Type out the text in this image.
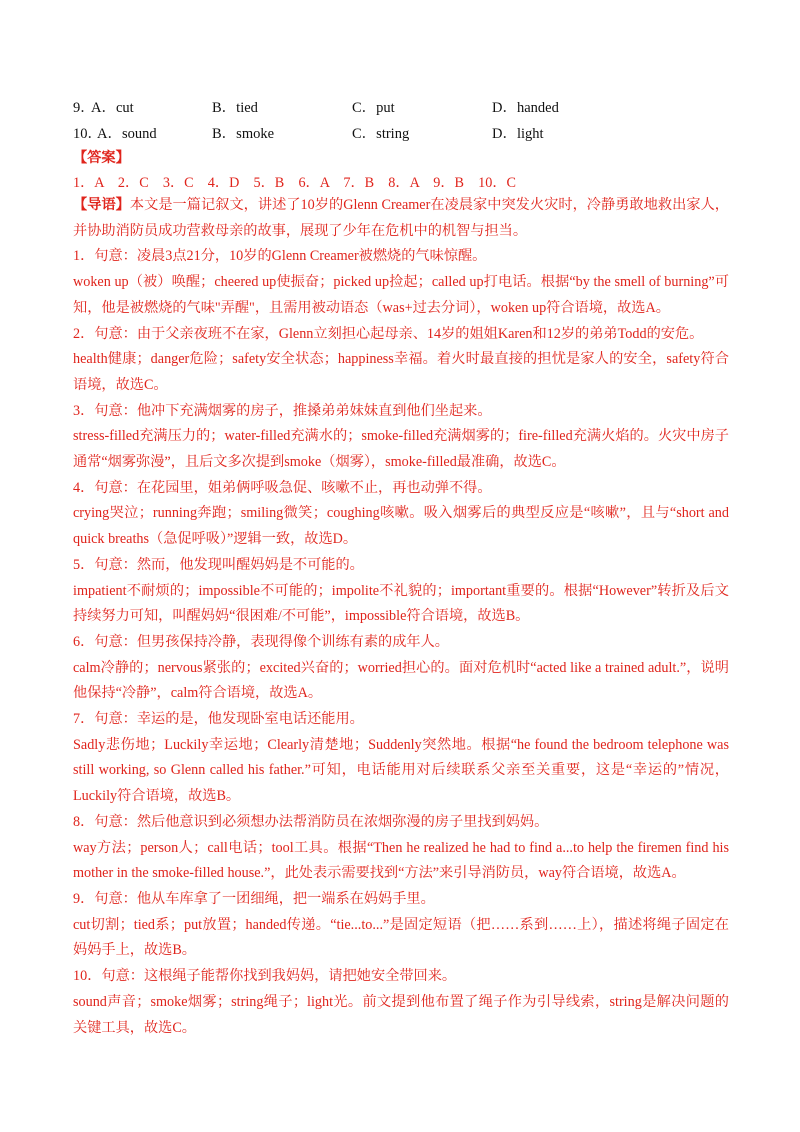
9．
A．cut	B．tied	C．put	D．handed
10．
A．sound	B．smoke	C．string	D．light
【答案】
1．A　2．C　3．C　4．D　5．B　6．A　7．B　8．A　9．B　10．C
【导语】本文是一篇记叙文，讲述了10岁的Glenn Creamer在凌晨家中突发火灾时，冷静勇敢地救出家人，并协助消防员成功营救母亲的故事，展现了少年在危机中的机智与担当。
1．句意：凌晨3点21分，10岁的Glenn Creamer被燃烧的气味惊醒。
woken up（被）唤醒；cheered up使振奋；picked up捡起；called up打电话。根据“by the smell of burning”可知，他是被燃烧的气味"弄醒"，且需用被动语态（was+过去分词），woken up符合语境，故选A。
2．句意：由于父亲夜班不在家，Glenn立刻担心起母亲、14岁的姐姐Karen和12岁的弟弟Todd的安危。
health健康；danger危险；safety安全状态；happiness幸福。着火时最直接的担忧是家人的安全，safety符合语境，故选C。
3．句意：他冲下充满烟雾的房子，推搡弟弟妹妹直到他们坐起来。
stress-filled充满压力的；water-filled充满水的；smoke-filled充满烟雾的；fire-filled充满火焰的。火灾中房子通常“烟雾弥漫”，且后文多次提到smoke（烟雾），smoke-filled最准确，故选C。
4．句意：在花园里，姐弟俩呼吸急促、咳嗽不止，再也动弹不得。
crying哭泣；running奔跑；smiling微笑；coughing咳嗽。吸入烟雾后的典型反应是“咳嗽”，且与“short and quick breaths（急促呼吸）”逻辑一致，故选D。
5．句意：然而，他发现叫醒妈妈是不可能的。
impatient不耐烦的；impossible不可能的；impolite不礼貌的；important重要的。根据“However”转折及后文持续努力可知，叫醒妈妈“很困难/不可能”，impossible符合语境，故选B。
6．句意：但男孩保持冷静，表现得像个训练有素的成年人。
calm冷静的；nervous紧张的；excited兴奋的；worried担心的。面对危机时“acted like a trained adult.”，说明他保持“冷静”，calm符合语境，故选A。
7．句意：幸运的是，他发现卧室电话还能用。
Sadly悲伤地；Luckily幸运地；Clearly清楚地；Suddenly突然地。根据“he found the bedroom telephone was still working, so Glenn called his father.”可知，电话能用对后续联系父亲至关重要，这是“幸运的”情况，Luckily符合语境，故选B。
8．句意：然后他意识到必须想办法帮消防员在浓烟弥漫的房子里找到妈妈。
way方法；person人；call电话；tool工具。根据“Then he realized he had to find a...to help the firemen find his mother in the smoke-filled house.”，此处表示需要找到“方法”来引导消防员，way符合语境，故选A。
9．句意：他从车库拿了一团细绳，把一端系在妈妈手里。
cut切割；tied系；put放置；handed传递。“tie...to...”是固定短语（把……系到……上），描述将绳子固定在妈妈手上，故选B。
10．句意：这根绳子能帮你找到我妈妈，请把她安全带回来。
sound声音；smoke烟雾；string绳子；light光。前文提到他布置了绳子作为引导线索，string是解决问题的关键工具，故选C。
